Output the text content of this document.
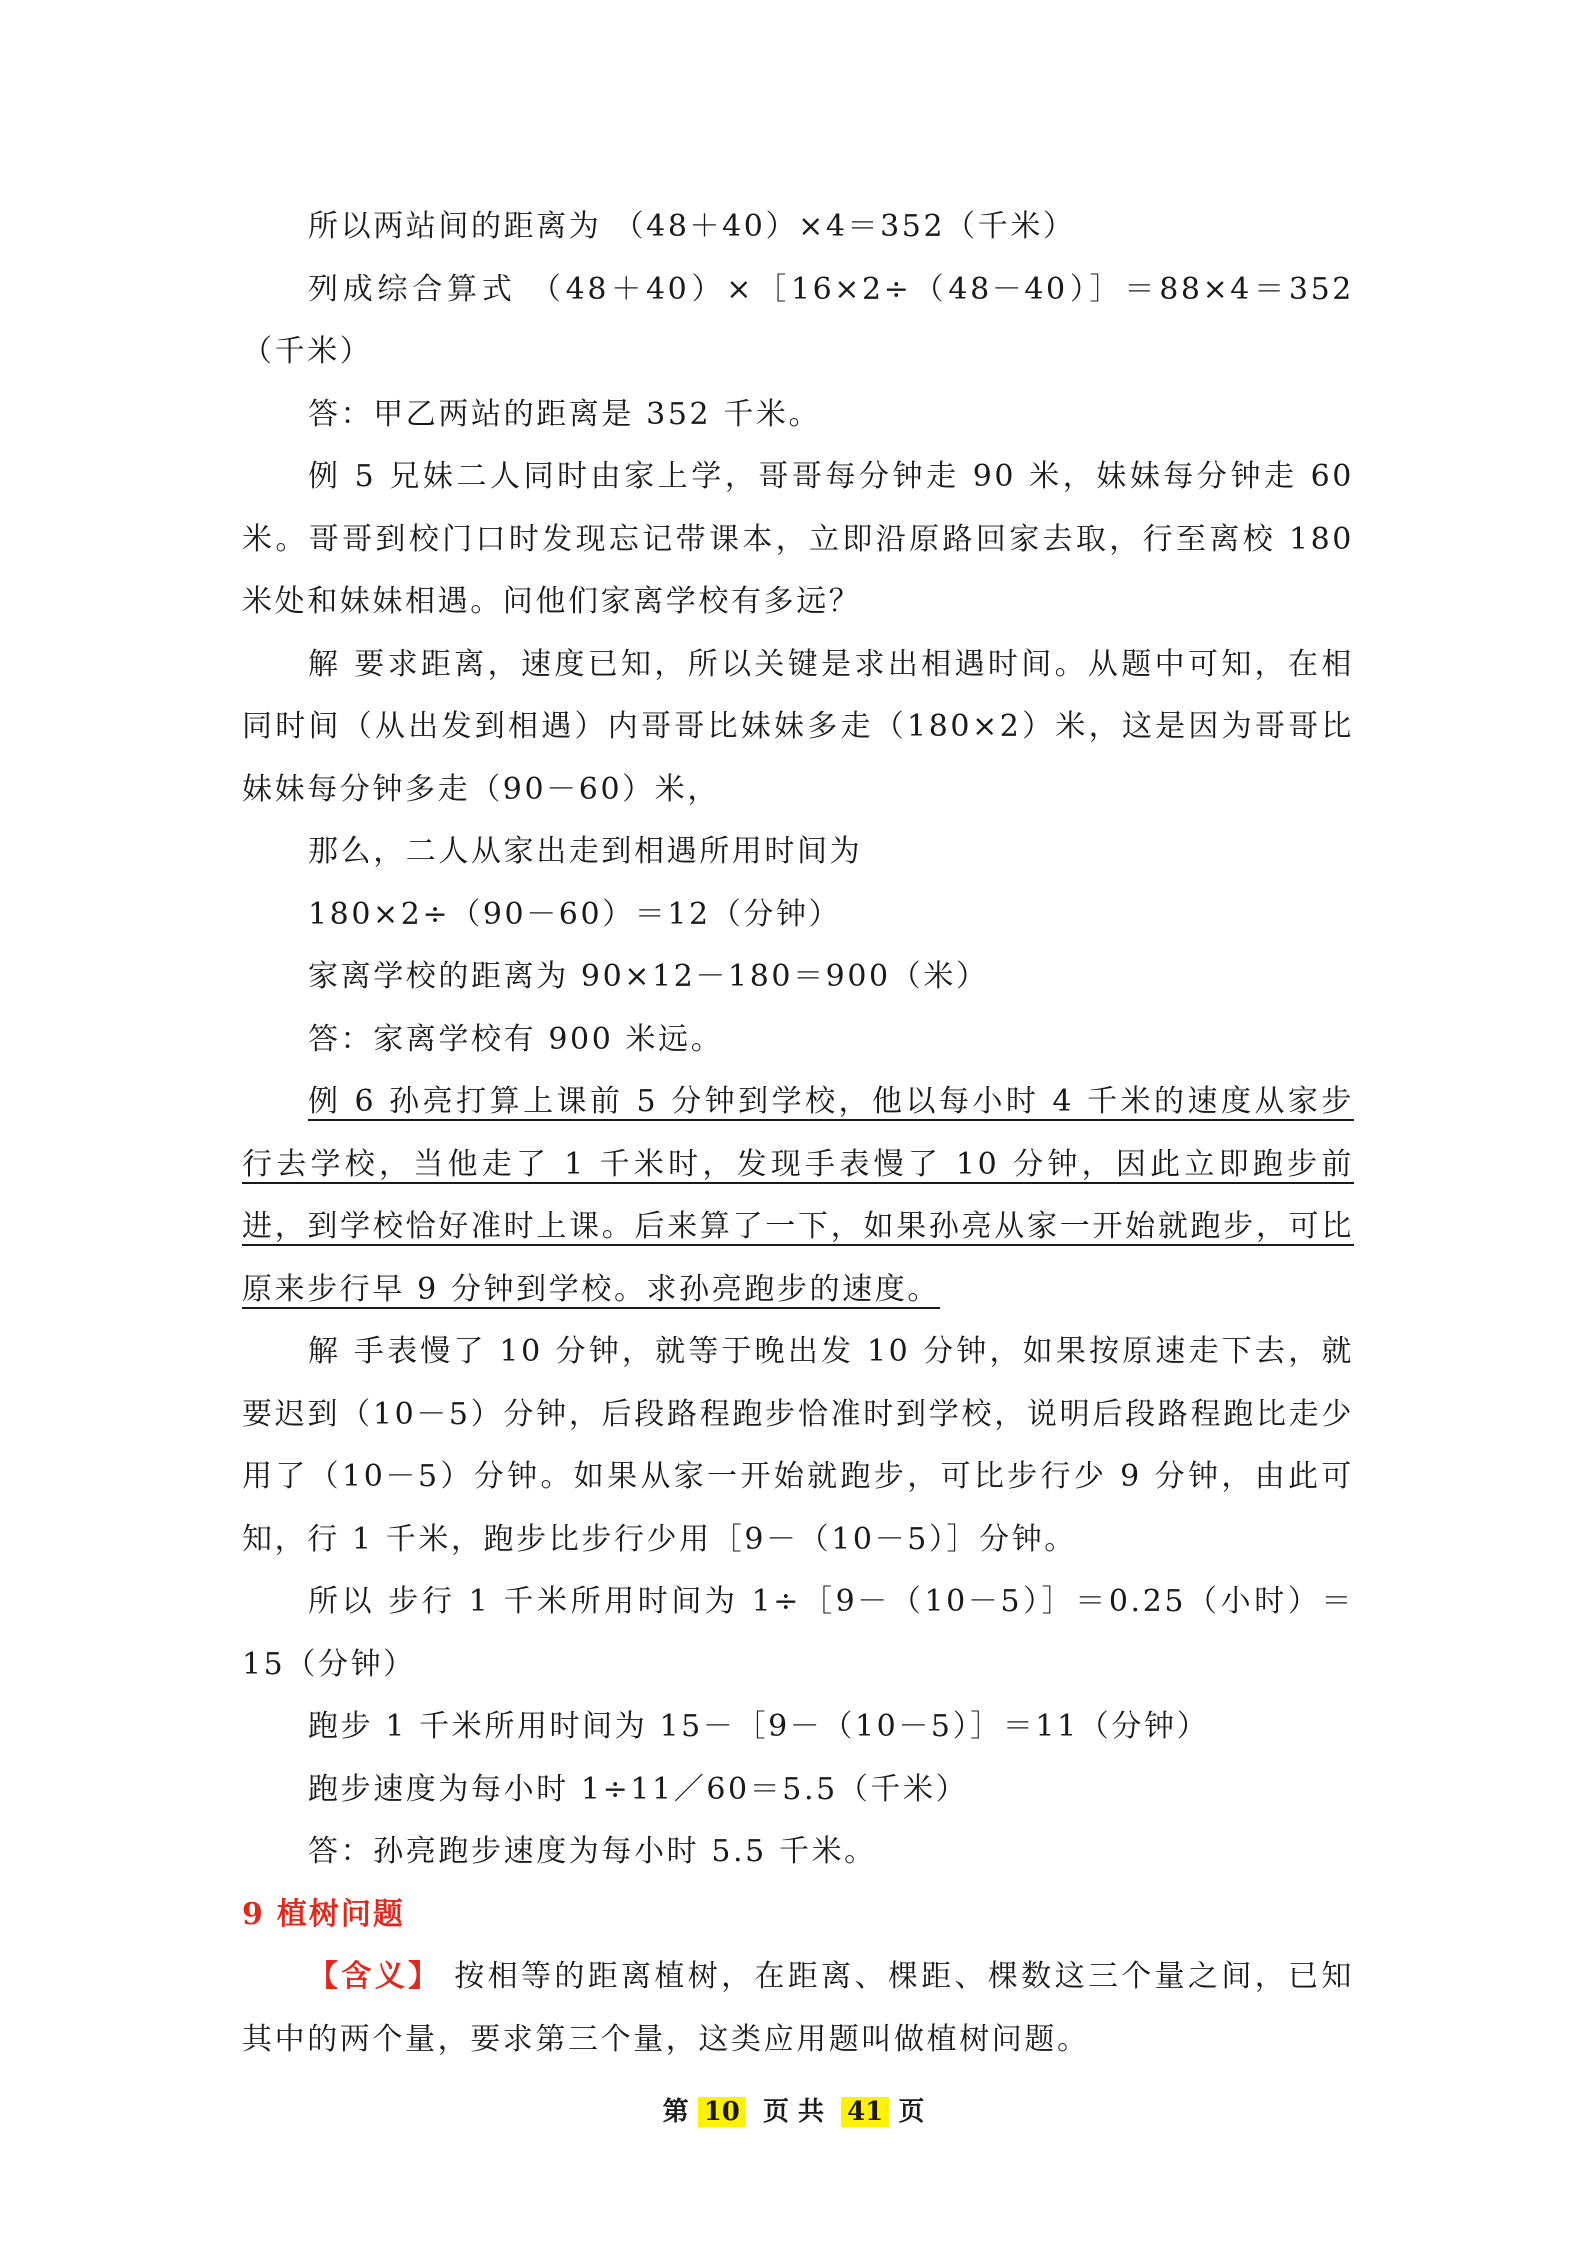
所以两站间的距离为 （48＋40）×4＝352（千米）

列成综合算式 （48＋40）×［16×2÷（48－40）］＝88×4＝352（千米）

答：甲乙两站的距离是 352 千米。

例 5 兄妹二人同时由家上学，哥哥每分钟走 90 米，妹妹每分钟走 60 米。哥哥到校门口时发现忘记带课本，立即沿原路回家去取，行至离校 180 米处和妹妹相遇。问他们家离学校有多远？

解 要求距离，速度已知，所以关键是求出相遇时间。从题中可知，在相同时间（从出发到相遇）内哥哥比妹妹多走（180×2）米，这是因为哥哥比妹妹每分钟多走（90－60）米，

那么，二人从家出走到相遇所用时间为

180×2÷（90－60）＝12（分钟）

家离学校的距离为 90×12－180＝900（米）

答：家离学校有 900 米远。

例 6 孙亮打算上课前 5 分钟到学校，他以每小时 4 千米的速度从家步行去学校，当他走了 1 千米时，发现手表慢了 10 分钟，因此立即跑步前进，到学校恰好准时上课。后来算了一下，如果孙亮从家一开始就跑步，可比原来步行早 9 分钟到学校。求孙亮跑步的速度。

解 手表慢了 10 分钟，就等于晚出发 10 分钟，如果按原速走下去，就要迟到（10－5）分钟，后段路程跑步恰准时到学校，说明后段路程跑比走少用了（10－5）分钟。如果从家一开始就跑步，可比步行少 9 分钟，由此可知，行 1 千米，跑步比步行少用［9－（10－5）］分钟。

所以 步行 1 千米所用时间为 1÷［9－（10－5）］＝0.25（小时）＝15（分钟）

跑步 1 千米所用时间为 15－［9－（10－5）］＝11（分钟）

跑步速度为每小时 1÷11／60＝5.5（千米）

答：孙亮跑步速度为每小时 5.5 千米。

9 植树问题

【含义】 按相等的距离植树，在距离、棵距、棵数这三个量之间，已知其中的两个量，要求第三个量，这类应用题叫做植树问题。

第 10 页 共 41 页
